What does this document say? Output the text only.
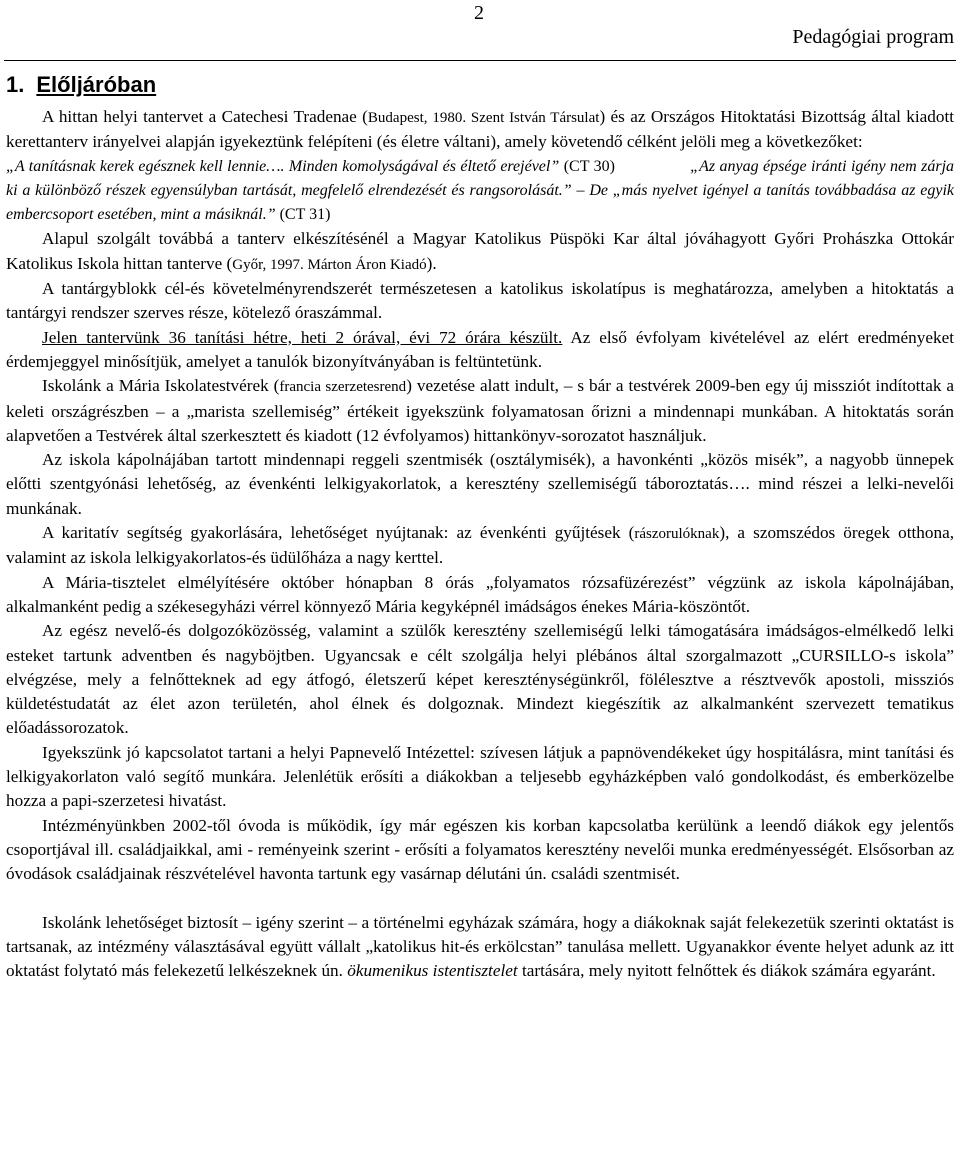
2
Pedagógiai program
1. Előljáróban

A hittan helyi tantervet a Catechesi Tradenae (Budapest, 1980. Szent István Társulat) és az Országos Hitoktatási Bizottság által kiadott kerettanterv irányelvei alapján igyekeztünk felépíteni (és életre váltani), amely követendő célként jelöli meg a következőket:

„A tanításnak kerek egésznek kell lennie…. Minden komolyságával és éltető erejével” (CT 30)	„Az anyag épsége iránti igény nem zárja ki a különböző részek egyensúlyban tartását, megfelelő elrendezését és rangsorolását.” – De „más nyelvet igényel a tanítás továbbadása az egyik embercsoport esetében, mint a másiknál.” (CT 31)

Alapul szolgált továbbá a tanterv elkészítésénél a Magyar Katolikus Püspöki Kar által jóváhagyott Győri Prohászka Ottokár Katolikus Iskola hittan tanterve (Győr, 1997. Márton Áron Kiadó).

A tantárgyblokk cél-és követelményrendszerét természetesen a katolikus iskolatípus is meghatározza, amelyben a hitoktatás a tantárgyi rendszer szerves része, kötelező óraszámmal.

Jelen tantervünk 36 tanítási hétre, heti 2 órával, évi 72 órára készült. Az első évfolyam kivételével az elért eredményeket érdemjeggyel minősítjük, amelyet a tanulók bizonyítványában is feltüntetünk.

Iskolánk a Mária Iskolatestvérek (francia szerzetesrend) vezetése alatt indult, – s bár a testvérek 2009-ben egy új missziót indítottak a keleti országrészben – a „marista szellemiség” értékeit igyekszünk folyamatosan őrizni a mindennapi munkában. A hitoktatás során alapvetően a Testvérek által szerkesztett és kiadott (12 évfolyamos) hittankönyv-sorozatot használjuk.

Az iskola kápolnájában tartott mindennapi reggeli szentmisék (osztálymisék), a havonkénti „közös misék”, a nagyobb ünnepek előtti szentgyónási lehetőség, az évenkénti lelkigyakorlatok, a keresztény szellemiségű táboroztatás…. mind részei a lelki-nevelői munkának.

A karitatív segítség gyakorlására, lehetőséget nyújtanak: az évenkénti gyűjtések (rászorulóknak), a szomszédos öregek otthona, valamint az iskola lelkigyakorlatos-és üdülőháza a nagy kerttel.

A Mária-tisztelet elmélyítésére október hónapban 8 órás „folyamatos rózsafüzérezést” végzünk az iskola kápolnájában, alkalmanként pedig a székesegyházi vérrel könnyező Mária kegyképnél imádságos énekes Mária-köszöntőt.

Az egész nevelő-és dolgozóközösség, valamint a szülők keresztény szellemiségű lelki támogatására imádságos-elmélkedő lelki esteket tartunk adventben és nagyböjtben. Ugyancsak e célt szolgálja helyi plébános által szorgalmazott „CURSILLO-s iskola” elvégzése, mely a felnőtteknek ad egy átfogó, életszerű képet kereszténységünkről, fölélesztve a résztvevők apostoli, missziós küldetéstudatát az élet azon területén, ahol élnek és dolgoznak. Mindezt kiegészítik az alkalmanként szervezett tematikus előadássorozatok.

Igyekszünk jó kapcsolatot tartani a helyi Papnevelő Intézettel: szívesen látjuk a papnövendékeket úgy hospitálásra, mint tanítási és lelkigyakorlaton való segítő munkára. Jelenlétük erősíti a diákokban a teljesebb egyházképben való gondolkodást, és emberközelbe hozza a papi-szerzetesi hivatást.

Intézményünkben 2002-től óvoda is működik, így már egészen kis korban kapcsolatba kerülünk a leendő diákok egy jelentős csoportjával ill. családjaikkal, ami - reményeink szerint - erősíti a folyamatos keresztény nevelői munka eredményességét. Elsősorban az óvodások családjainak részvételével havonta tartunk egy vasárnap délutáni ún. családi szentmisét.

Iskolánk lehetőséget biztosít – igény szerint – a történelmi egyházak számára, hogy a diákoknak saját felekezetük szerinti oktatást is tartsanak, az intézmény választásával együtt vállalt „katolikus hit-és erkölcstan” tanulása mellett. Ugyanakkor évente helyet adunk az itt oktatást folytató más felekezetű lelkészeknek ún. ökumenikus istentisztelet tartására, mely nyitott felnőttek és diákok számára egyaránt.
